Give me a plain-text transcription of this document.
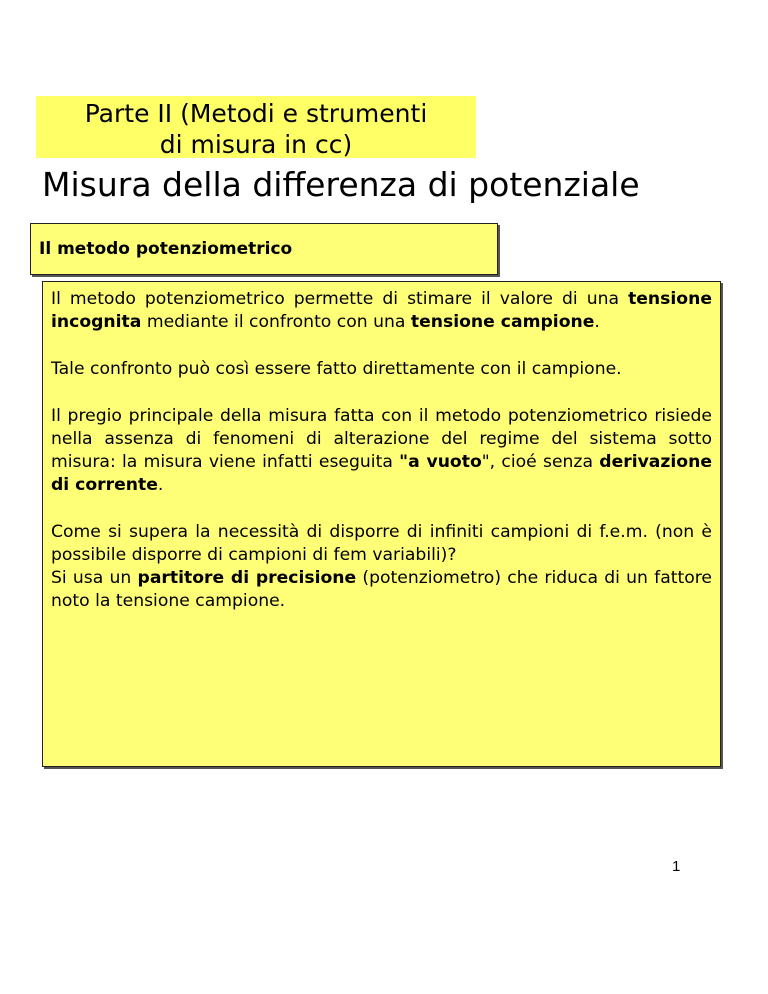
Parte II (Metodi e strumenti
di misura in cc)
Misura della differenza di potenziale
Il metodo potenziometrico

Il metodo potenziometrico permette di stimare il valore di una tensione incognita mediante il confronto con una tensione campione.

Tale confronto può così essere fatto direttamente con il campione.

Il pregio principale della misura fatta con il metodo potenziometrico risiede nella assenza di fenomeni di alterazione del regime del sistema sotto misura: la misura viene infatti eseguita "a vuoto", cioé senza derivazione di corrente.

Come si supera la necessità di disporre di infiniti campioni di f.e.m. (non è possibile disporre di campioni di fem variabili)?

Si usa un partitore di precisione (potenziometro) che riduca di un fattore noto la tensione campione.

1
